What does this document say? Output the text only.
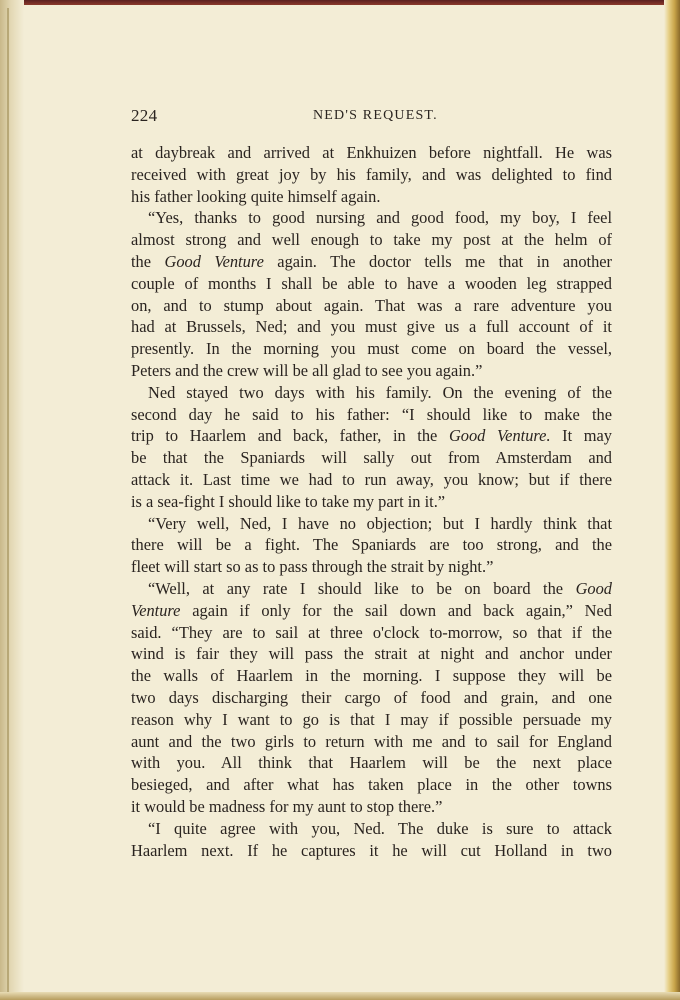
224	NED'S REQUEST.
at daybreak and arrived at Enkhuizen before nightfall. He was
received with great joy by his family, and was delighted to find
his father looking quite himself again.
“Yes, thanks to good nursing and good food, my boy, I feel
almost strong and well enough to take my post at the helm of
the Good Venture again. The doctor tells me that in another
couple of months I shall be able to have a wooden leg strapped
on, and to stump about again. That was a rare adventure you
had at Brussels, Ned; and you must give us a full account of it
presently. In the morning you must come on board the vessel,
Peters and the crew will be all glad to see you again.”
Ned stayed two days with his family. On the evening of the
second day he said to his father: “I should like to make the
trip to Haarlem and back, father, in the Good Venture. It may
be that the Spaniards will sally out from Amsterdam and
attack it. Last time we had to run away, you know; but if there
is a sea-fight I should like to take my part in it.”
“Very well, Ned, I have no objection; but I hardly think that
there will be a fight. The Spaniards are too strong, and the
fleet will start so as to pass through the strait by night.”
“Well, at any rate I should like to be on board the Good
Venture again if only for the sail down and back again,” Ned
said. “They are to sail at three o'clock to-morrow, so that if the
wind is fair they will pass the strait at night and anchor under
the walls of Haarlem in the morning. I suppose they will be
two days discharging their cargo of food and grain, and one
reason why I want to go is that I may if possible persuade my
aunt and the two girls to return with me and to sail for England
with you. All think that Haarlem will be the next place
besieged, and after what has taken place in the other towns
it would be madness for my aunt to stop there.”
“I quite agree with you, Ned. The duke is sure to attack
Haarlem next. If he captures it he will cut Holland in two
